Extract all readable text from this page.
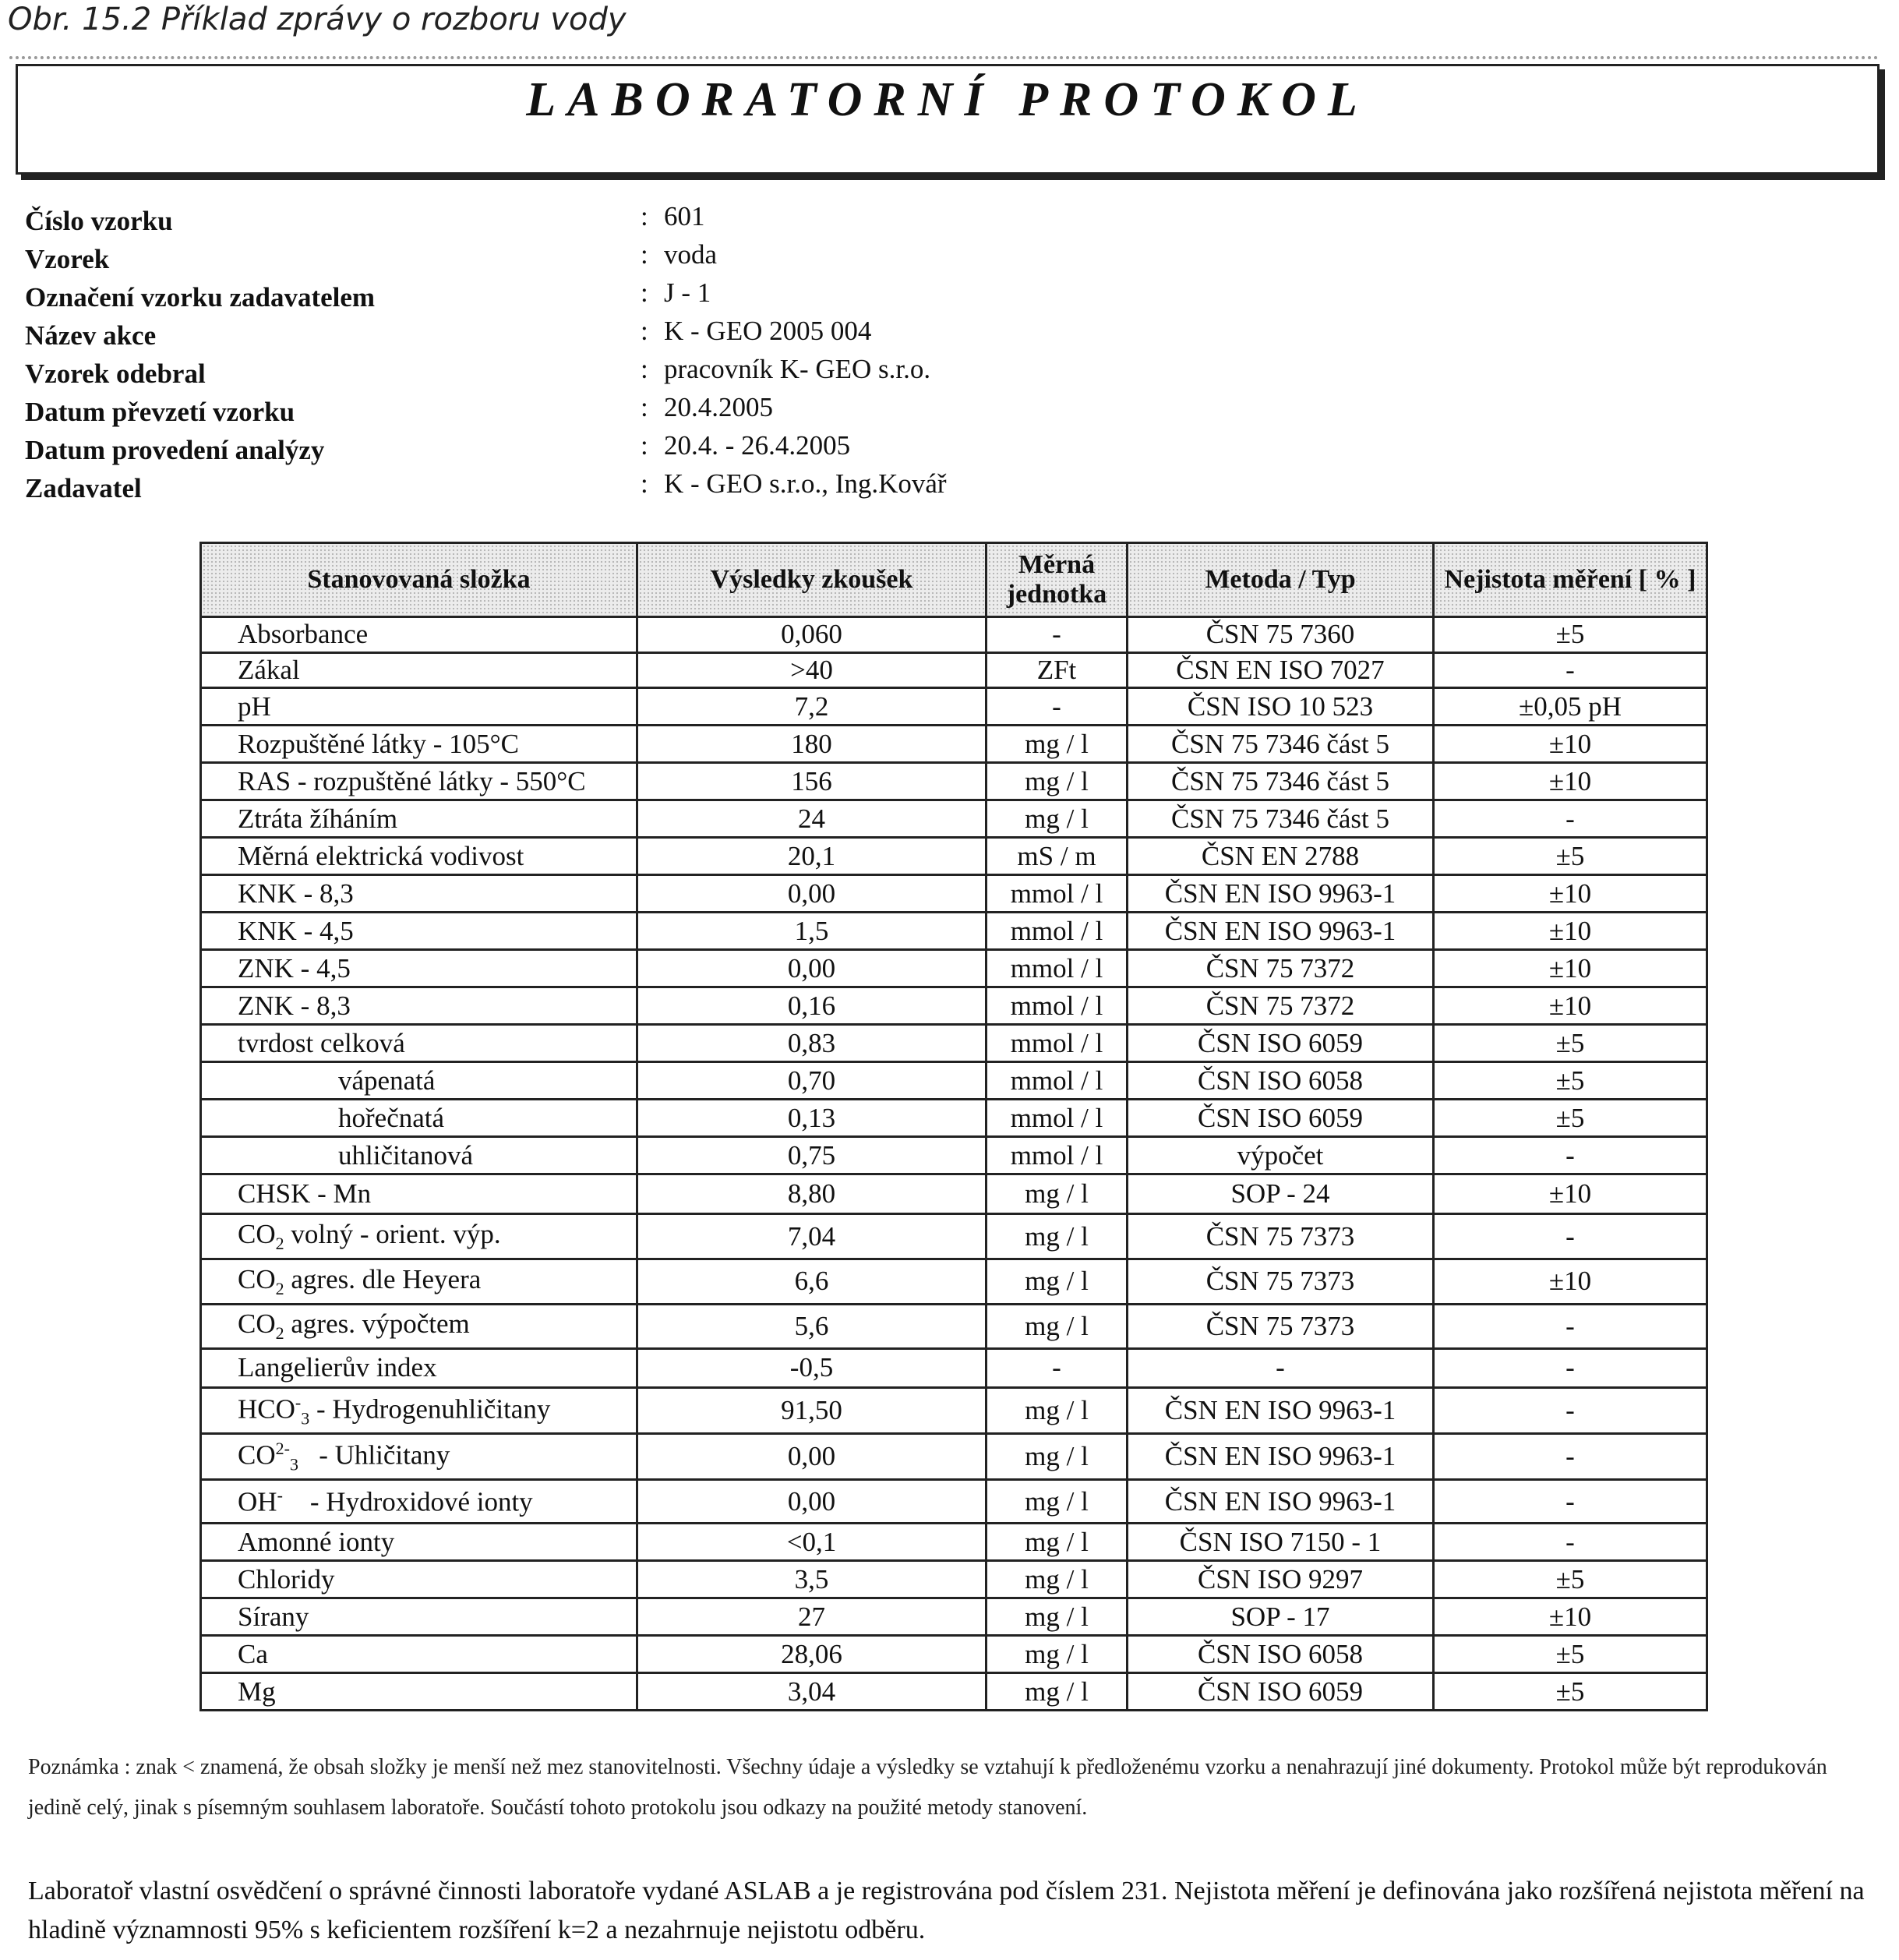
Obr. 15.2 Příklad zprávy o rozboru vody
LABORATORNÍ PROTOKOL
Číslo vzorku	: 601
Vzorek	: voda
Označení vzorku zadavatelem	: J - 1
Název akce	: K - GEO 2005 004
Vzorek odebral	: pracovník K- GEO s.r.o.
Datum převzetí vzorku	: 20.4.2005
Datum provedení analýzy	: 20.4. - 26.4.2005
Zadavatel	: K - GEO s.r.o., Ing.Kovář
Stanovovaná složka	Výsledky zkoušek	Měrná jednotka	Metoda / Typ	Nejistota měření [ % ]
Absorbance	0,060	-	ČSN 75 7360	±5
Zákal	>40	ZFt	ČSN EN ISO 7027	-
pH	7,2	-	ČSN ISO 10 523	±0,05 pH
Rozpuštěné látky - 105°C	180	mg / l	ČSN 75 7346 část 5	±10
RAS - rozpuštěné látky - 550°C	156	mg / l	ČSN 75 7346 část 5	±10
Ztráta žíháním	24	mg / l	ČSN 75 7346 část 5	-
Měrná elektrická vodivost	20,1	mS / m	ČSN EN 2788	±5
KNK - 8,3	0,00	mmol / l	ČSN EN ISO 9963-1	±10
KNK - 4,5	1,5	mmol / l	ČSN EN ISO 9963-1	±10
ZNK - 4,5	0,00	mmol / l	ČSN 75 7372	±10
ZNK - 8,3	0,16	mmol / l	ČSN 75 7372	±10
tvrdost celková	0,83	mmol / l	ČSN ISO 6059	±5
vápenatá	0,70	mmol / l	ČSN ISO 6058	±5
hořečnatá	0,13	mmol / l	ČSN ISO 6059	±5
uhličitanová	0,75	mmol / l	výpočet	-
CHSK - Mn	8,80	mg / l	SOP - 24	±10
$CO_2$ volný - orient. výp.	7,04	mg / l	ČSN 75 7373	-
$CO_2$ agres. dle Heyera	6,6	mg / l	ČSN 75 7373	±10
$CO_2$ agres. výpočtem	5,6	mg / l	ČSN 75 7373	-
Langelierův index	-0,5	-	-	-
$HCO^-_3$ - Hydrogenuhličitany	91,50	mg / l	ČSN EN ISO 9963-1	-
$CO^{2-}_3$   - Uhličitany	0,00	mg / l	ČSN EN ISO 9963-1	-
OH-    - Hydroxidové ionty	0,00	mg / l	ČSN EN ISO 9963-1	-
Amonné ionty	<0,1	mg / l	ČSN ISO 7150 - 1	-
Chloridy	3,5	mg / l	ČSN ISO 9297	±5
Sírany	27	mg / l	SOP - 17	±10
Ca	28,06	mg / l	ČSN ISO 6058	±5
Mg	3,04	mg / l	ČSN ISO 6059	±5
Poznámka : znak < znamená, že obsah složky je menší než mez stanovitelnosti. Všechny údaje a výsledky se vztahují k předloženému vzorku a nenahrazují jiné dokumenty. Protokol může být reprodukován jedině celý, jinak s písemným souhlasem laboratoře. Součástí tohoto protokolu jsou odkazy na použité metody stanovení.
Laboratoř vlastní osvědčení o správné činnosti laboratoře vydané ASLAB a je registrována pod číslem 231. Nejistota měření je definována jako rozšířená nejistota měření na hladině významnosti 95% s keficientem rozšíření k=2 a nezahrnuje nejistotu odběru.
